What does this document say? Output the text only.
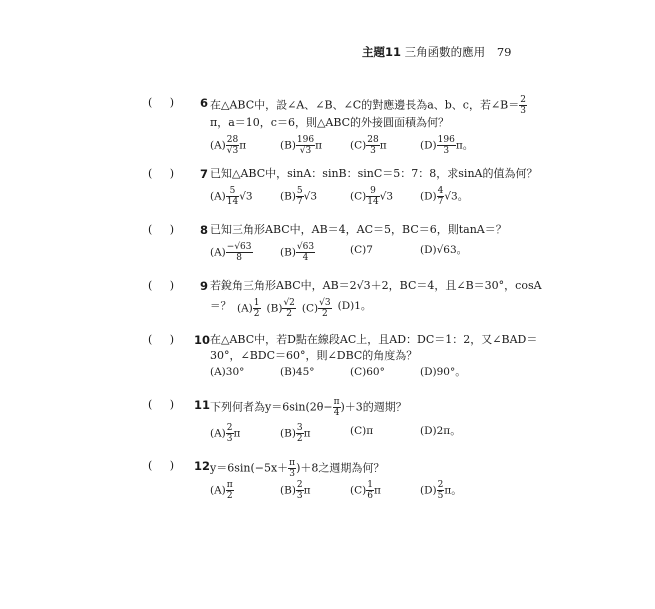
主題11 三角函數的應用 79
(     )	6 在△ABC中，設∠A、∠B、∠C的對應邊長為a、b、c，若∠B＝ $\frac{2}{3}$
π，a＝10，c＝6，則△ABC的外接圓面積為何？
$(A) \frac{28}{√3}$ π	$(B) \frac{196}{√3}$ π	$(C) \frac{28}{3}$ π	$(D) \frac{196}{3}$ π。
(     )	7 已知△ABC中，sinA：sinB：sinC＝5：7：8，求sinA的值為何？
$(A) \frac{5}{14} √3$	$(B) \frac{5}{7} √3$	$(C) \frac{9}{14} √3$	$(D) \frac{4}{7} √3$。
(     )	8 已知三角形ABC中，AB＝4，AC＝5，BC＝6，則tanA＝？
$(A) \frac{-√63}{8}$	$(B) \frac{√63}{4}$	(C)7	(D)√63。
(     )	9 若銳角三角形ABC中，AB＝2√3＋2，BC＝4，且∠B＝30°，cosA
＝？ $(A) \frac{1}{2} (B) \frac{√2}{2} (C) \frac{√3}{2} (D)1$。
(     )	10 在△ABC中，若D點在線段AC上，且AD：DC＝1：2，又∠BAD＝
30°，∠BDC＝60°，則∠DBC的角度為？
(A)30°	(B)45°	(C)60°	(D)90°。
(     )	11 下列何者為$y=6\sin(2\theta- \frac{\pi}{4} )+3$的週期？
$(A) \frac{2}{3}$ π	$(B) \frac{3}{2}$ π	(C)π	(D)2π。
(     )	12 $y=6\sin(-5x+ \frac{\pi}{3} )+8$之週期為何？
$(A) \frac{\pi}{2}$	$(B) \frac{2}{3}$ π	$(C) \frac{1}{6}$ π	$(D) \frac{2}{5}$ π。
